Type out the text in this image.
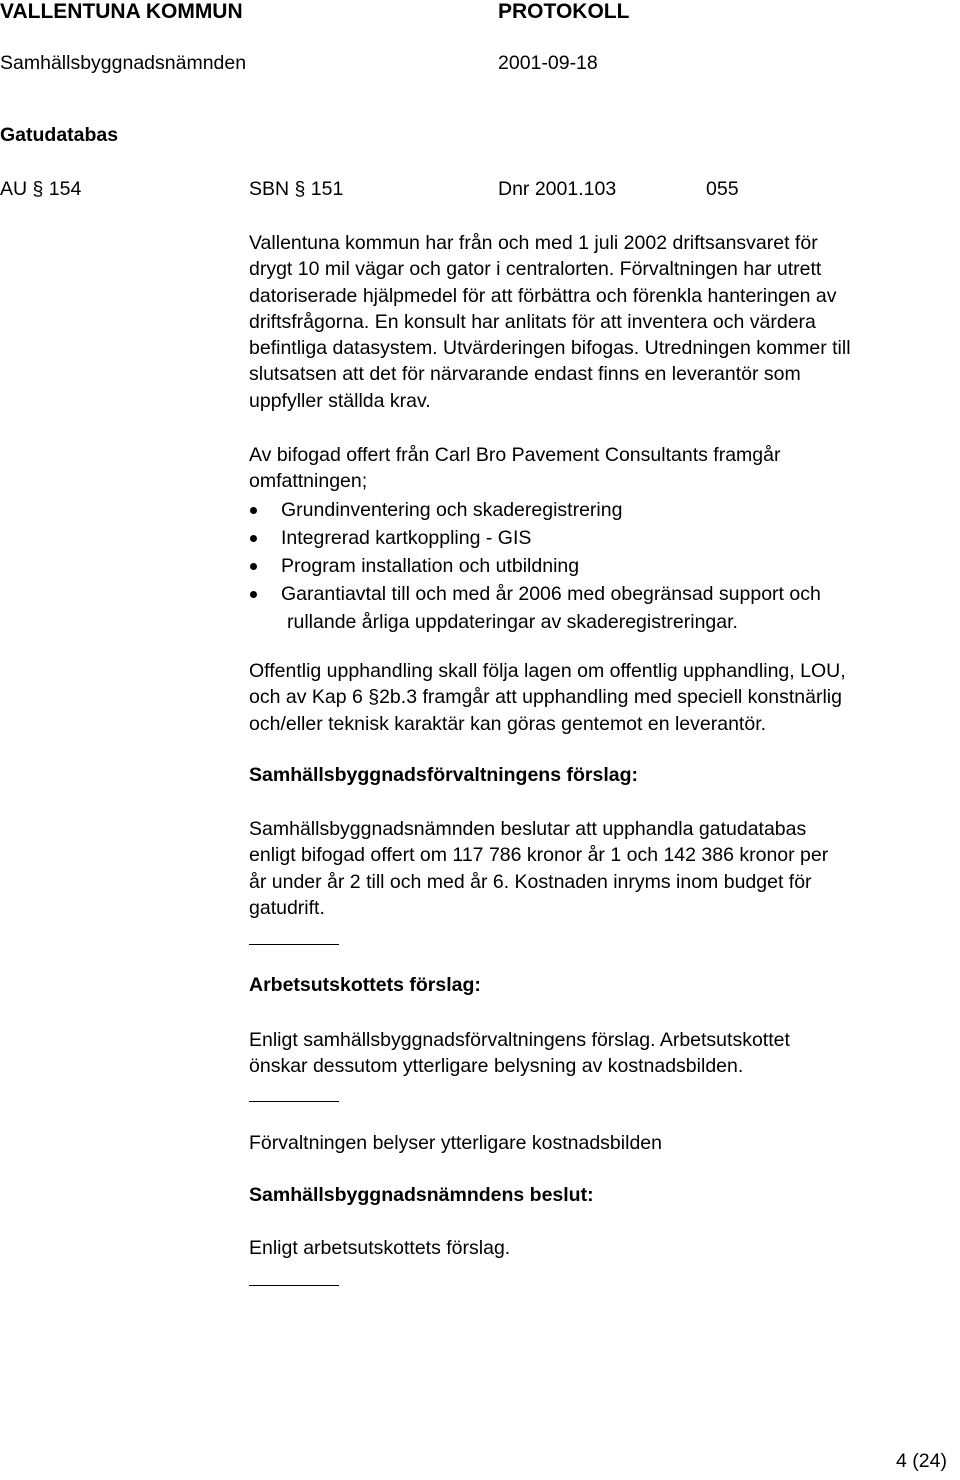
VALLENTUNA KOMMUN	PROTOKOLL
Samhällsbyggnadsnämnden	2001-09-18
Gatudatabas
AU § 154	SBN § 151	Dnr 2001.103	055
Vallentuna kommun har från och med 1 juli 2002 driftsansvaret för
drygt 10 mil vägar och gator i centralorten. Förvaltningen har utrett
datoriserade hjälpmedel för att förbättra och förenkla hanteringen av
driftsfrågorna. En konsult har anlitats för att inventera och värdera
befintliga datasystem. Utvärderingen bifogas. Utredningen kommer till
slutsatsen att det för närvarande endast finns en leverantör som
uppfyller ställda krav.
Av bifogad offert från Carl Bro Pavement Consultants framgår
omfattningen;
Grundinventering och skaderegistrering
Integrerad kartkoppling - GIS
Program installation och utbildning
Garantiavtal till och med år 2006 med obegränsad support och
rullande årliga uppdateringar av skaderegistreringar.
Offentlig upphandling skall följa lagen om offentlig upphandling, LOU,
och av Kap 6 §2b.3 framgår att upphandling med speciell konstnärlig
och/eller teknisk karaktär kan göras gentemot en leverantör.
Samhällsbyggnadsförvaltningens förslag:
Samhällsbyggnadsnämnden beslutar att upphandla gatudatabas
enligt bifogad offert om 117 786 kronor år 1 och 142 386 kronor per
år under år 2 till och med år 6. Kostnaden inryms inom budget för
gatudrift.
Arbetsutskottets förslag:
Enligt samhällsbyggnadsförvaltningens förslag. Arbetsutskottet
önskar dessutom ytterligare belysning av kostnadsbilden.
Förvaltningen belyser ytterligare kostnadsbilden
Samhällsbyggnadsnämndens beslut:
Enligt arbetsutskottets förslag.
4 (24)
